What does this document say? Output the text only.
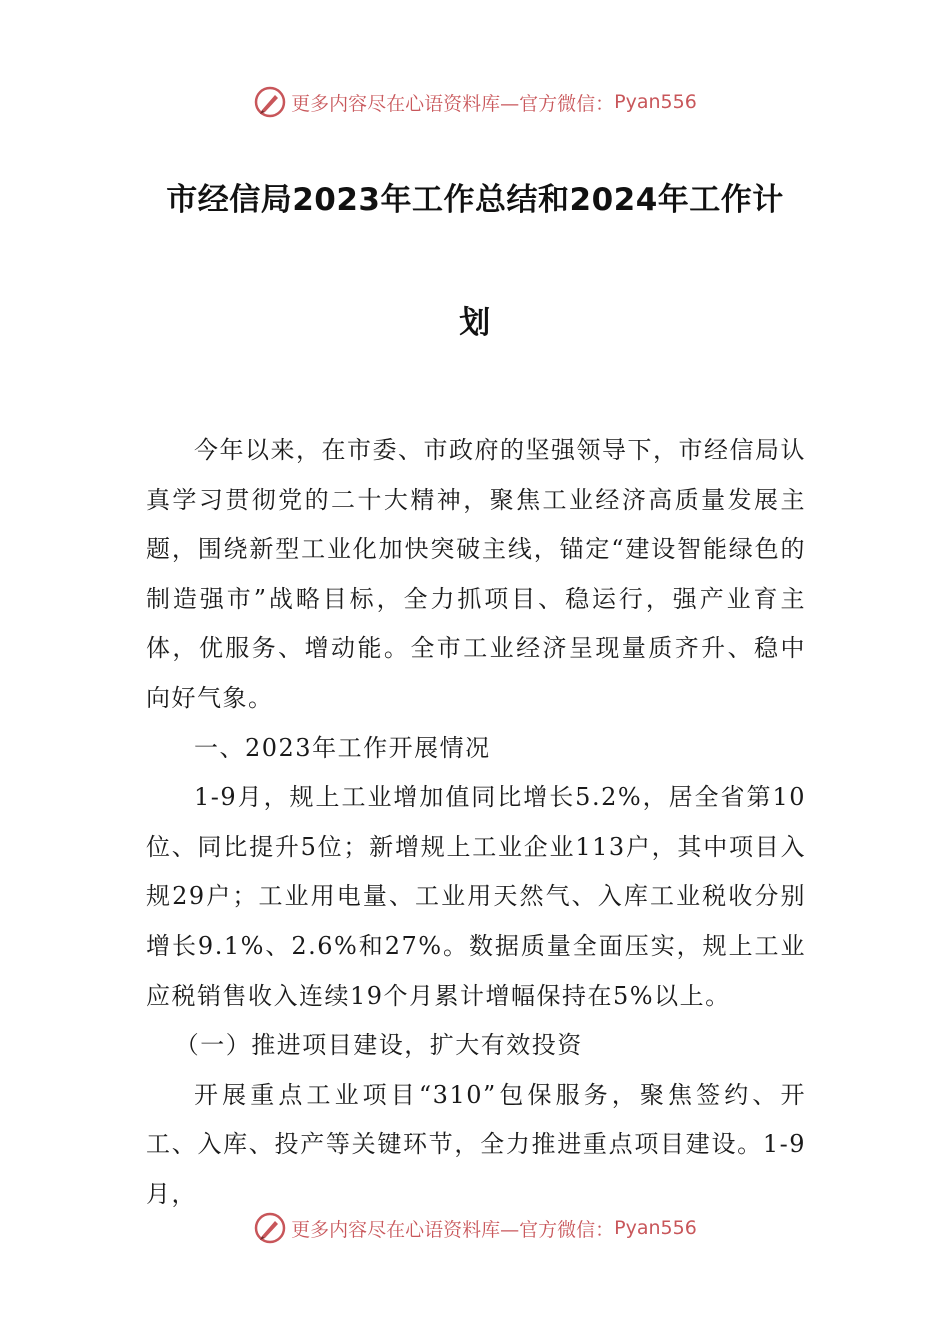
更多内容尽在心语资料库—官方微信： Pyan556
市经信局2023年工作总结和2024年工作计
划

今年以来，在市委、市政府的坚强领导下，市经信局认真学习贯彻党的二十大精神，聚焦工业经济高质量发展主题，围绕新型工业化加快突破主线，锚定“建设智能绿色的制造强市”战略目标，全力抓项目、稳运行，强产业育主体，优服务、增动能。全市工业经济呈现量质齐升、稳中向好气象。

一、2023年工作开展情况

1-9月，规上工业增加值同比增长5.2%，居全省第10位、同比提升5位；新增规上工业企业113户，其中项目入规29户；工业用电量、工业用天然气、入库工业税收分别增长9.1%、2.6%和27%。数据质量全面压实，规上工业应税销售收入连续19个月累计增幅保持在5%以上。

（一）推进项目建设，扩大有效投资

开展重点工业项目“310”包保服务，聚焦签约、开工、入库、投产等关键环节，全力推进重点项目建设。1-9月，

更多内容尽在心语资料库—官方微信： Pyan556
